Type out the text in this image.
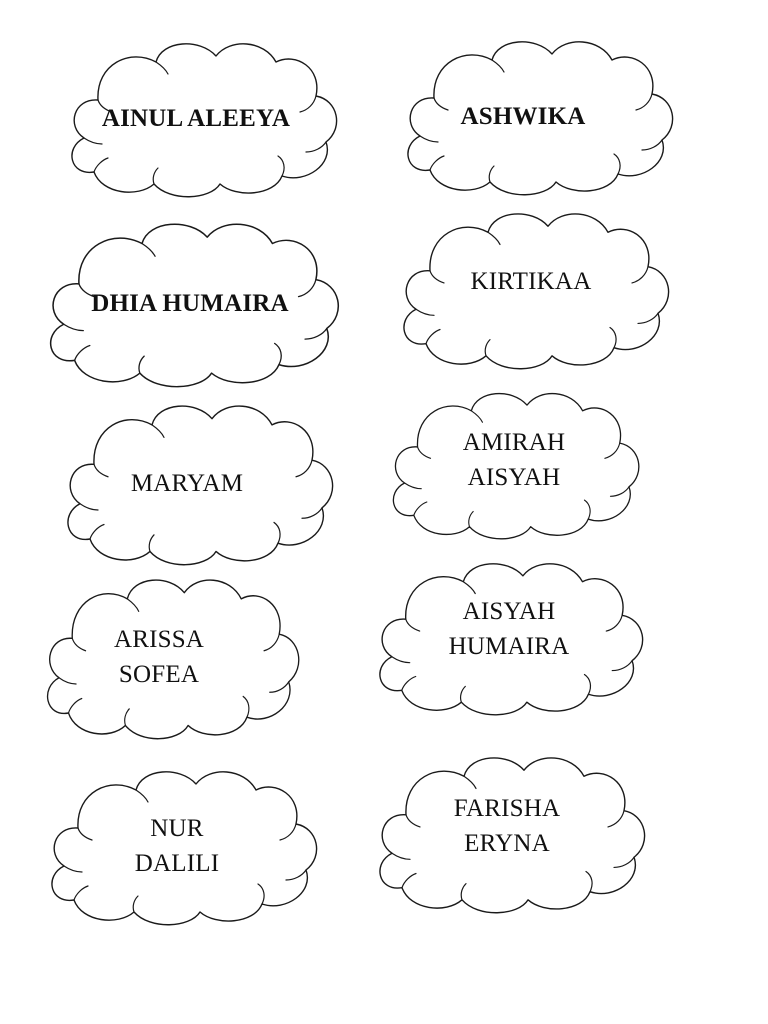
AINUL ALEEYA	ASHWIKA
DHIA HUMAIRA
KIRTIKAA
MARYAM
AMIRAH
AISYAH
ARISSA
SOFEA
AISYAH
HUMAIRA
NUR
DALILI
FARISHA
ERYNA
